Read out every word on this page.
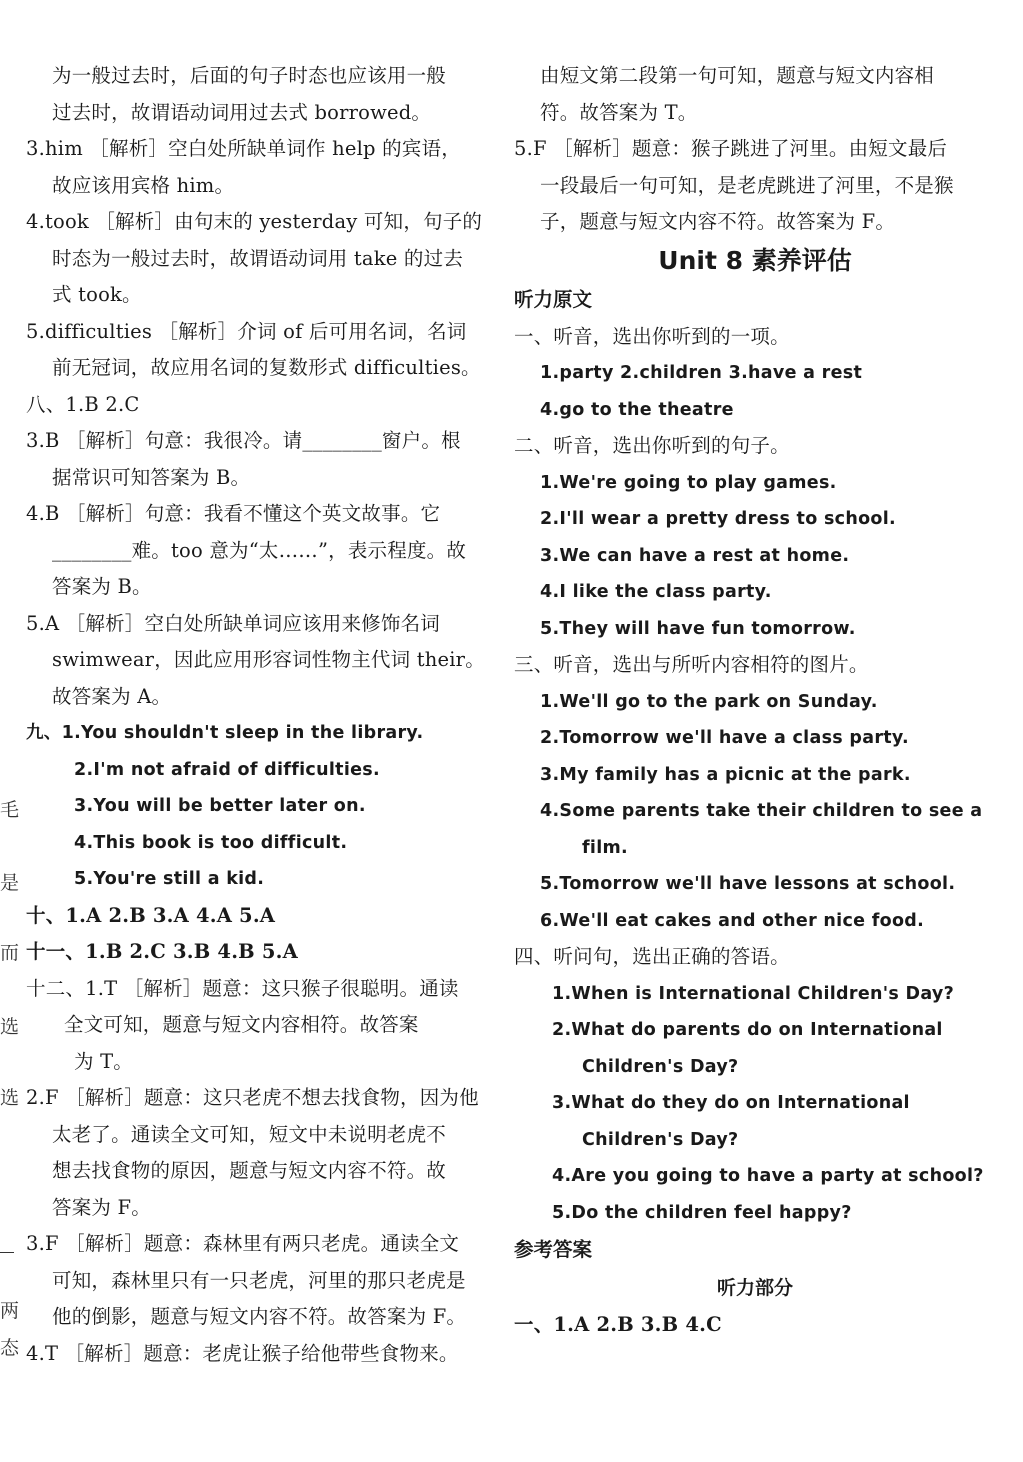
毛
是
而
选
选
两
态
为一般过去时，后面的句子时态也应该用一般
过去时，故谓语动词用过去式 borrowed。
3.him ［解析］空白处所缺单词作 help 的宾语，
故应该用宾格 him。
4.took ［解析］由句末的 yesterday 可知，句子的
时态为一般过去时，故谓语动词用 take 的过去
式 took。
5.difficulties ［解析］介词 of 后可用名词，名词
前无冠词，故应用名词的复数形式 difficulties。
八、1.B 2.C
3.B ［解析］句意：我很冷。请________窗户。根
据常识可知答案为 B。
4.B ［解析］句意：我看不懂这个英文故事。它
________难。too 意为“太……”，表示程度。故
答案为 B。
5.A ［解析］空白处所缺单词应该用来修饰名词
swimwear，因此应用形容词性物主代词 their。
故答案为 A。
九、1.You shouldn't sleep in the library.
2.I'm not afraid of difficulties.
3.You will be better later on.
4.This book is too difficult.
5.You're still a kid.
十、1.A 2.B 3.A 4.A 5.A
十一、1.B 2.C 3.B 4.B 5.A
十二、1.T ［解析］题意：这只猴子很聪明。通读
全文可知，题意与短文内容相符。故答案
为 T。
2.F ［解析］题意：这只老虎不想去找食物，因为他
太老了。通读全文可知，短文中未说明老虎不
想去找食物的原因，题意与短文内容不符。故
答案为 F。
3.F ［解析］题意：森林里有两只老虎。通读全文
可知，森林里只有一只老虎，河里的那只老虎是
他的倒影，题意与短文内容不符。故答案为 F。
4.T ［解析］题意：老虎让猴子给他带些食物来。
由短文第二段第一句可知，题意与短文内容相
符。故答案为 T。
5.F ［解析］题意：猴子跳进了河里。由短文最后
一段最后一句可知，是老虎跳进了河里，不是猴
子，题意与短文内容不符。故答案为 F。
Unit 8 素养评估
听力原文
一、听音，选出你听到的一项。
1.party 2.children 3.have a rest
4.go to the theatre
二、听音，选出你听到的句子。
1.We're going to play games.
2.I'll wear a pretty dress to school.
3.We can have a rest at home.
4.I like the class party.
5.They will have fun tomorrow.
三、听音，选出与所听内容相符的图片。
1.We'll go to the park on Sunday.
2.Tomorrow we'll have a class party.
3.My family has a picnic at the park.
4.Some parents take their children to see a
film.
5.Tomorrow we'll have lessons at school.
6.We'll eat cakes and other nice food.
四、听问句，选出正确的答语。
1.When is International Children's Day?
2.What do parents do on International
Children's Day?
3.What do they do on International
Children's Day?
4.Are you going to have a party at school?
5.Do the children feel happy?
参考答案
听力部分
一、1.A 2.B 3.B 4.C
